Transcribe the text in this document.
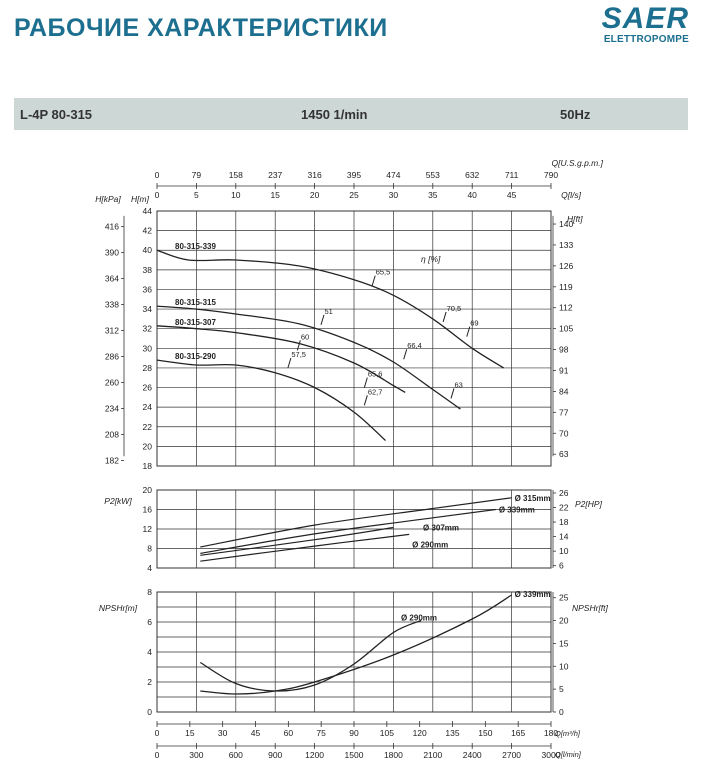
РАБОЧИЕ ХАРАКТЕРИСТИКИ	SAER
ELETTROPOMPE
L-4P 80-315	1450 1/min	50Hz
18
20
22
24
26
28
30
32
34
36
38
40
42
44
182
208
234
260
286
312
338
364
390
416
H[kPa] H[m]
63
70
77
84
91
98
105
112
119
126
133
140
H[ft]
0	79	158	237	316	395	474	553	632	711	790
0	5	10	15	20	25	30	35	40	45
Q[U.S.g.p.m.]
Q[l/s]
80-315-339
80-315-315
80-315-307
80-315-290
η [%]
65,5
51	70,5
69
60
66,4
57,5
65,6
63
62,7
4
8
12
16
20
P2[kW]
6
10
14
18
22
26
P2[HP]
Ø 315mm
Ø 339mm
Ø 307mm
Ø 290mm
0
2
4
6
8
NPSHr[m]
0
5
10
15
20
25
NPSHr[ft]
Ø 339mm
Ø 290mm
0	15	30	45	60	75	90 105 120 135 150 165 180
Q[m³/h]
0	300	600	900	1200 1500 1800 2100 2400 2700 3000
Q[l/min]
